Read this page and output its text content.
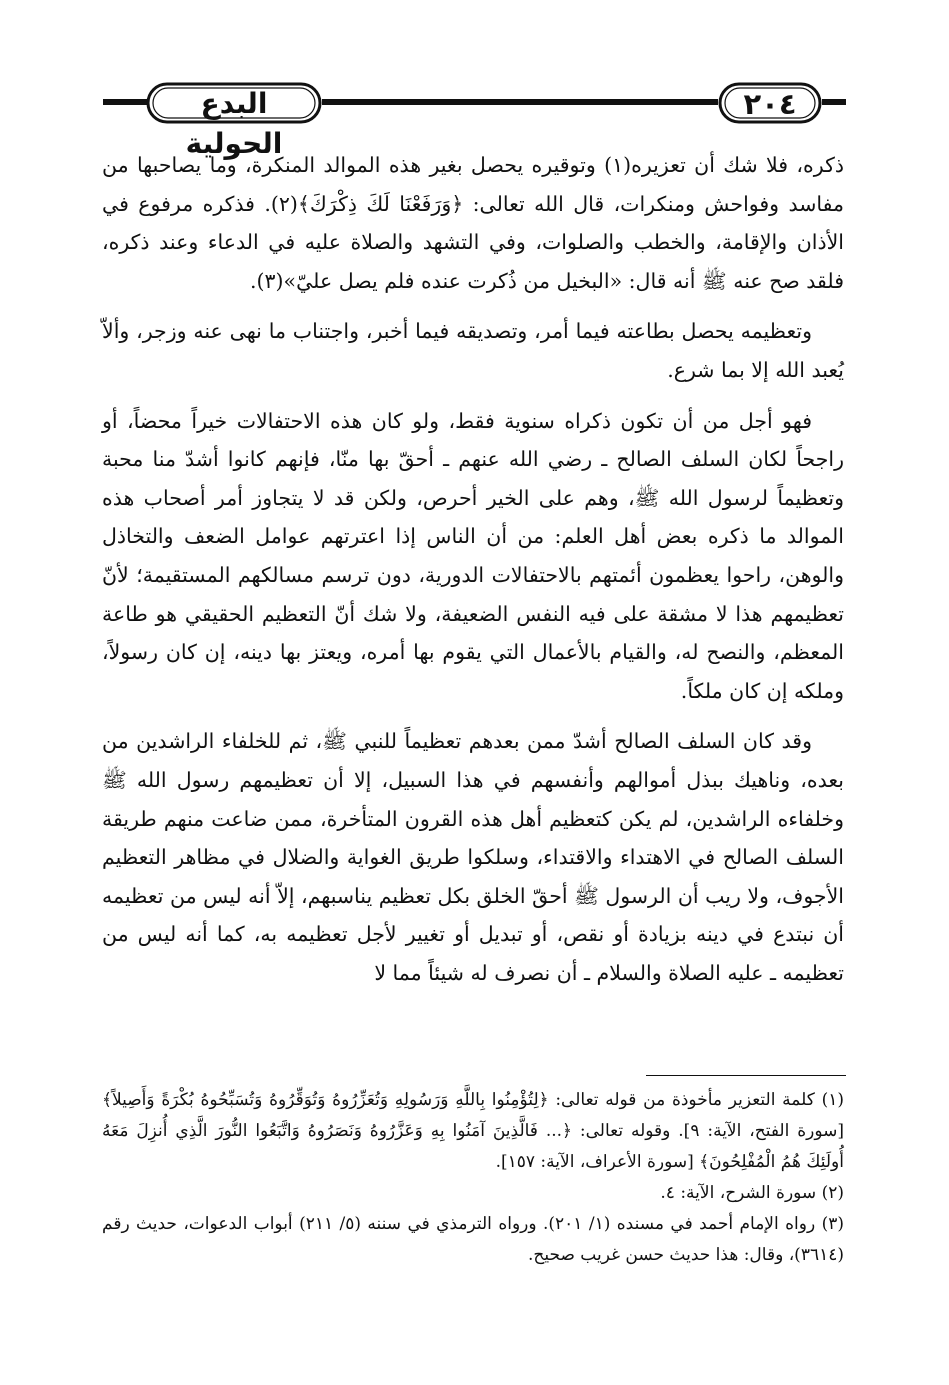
البدع الحولية
٢٠٤

ذكره، فلا شك أن تعزيره(١) وتوقيره يحصل بغير هذه الموالد المنكرة، وما يصاحبها من مفاسد وفواحش ومنكرات، قال الله تعالى: ﴿وَرَفَعْنَا لَكَ ذِكْرَكَ﴾(٢). فذكره مرفوع في الأذان والإقامة، والخطب والصلوات، وفي التشهد والصلاة عليه في الدعاء وعند ذكره، فلقد صح عنه ﷺ أنه قال: «البخيل من ذُكرت عنده فلم يصل عليّ»(٣).

وتعظيمه يحصل بطاعته فيما أمر، وتصديقه فيما أخبر، واجتناب ما نهى عنه وزجر، وألاّ يُعبد الله إلا بما شرع.

فهو أجل من أن تكون ذكراه سنوية فقط، ولو كان هذه الاحتفالات خيراً محضاً، أو راجحاً لكان السلف الصالح ـ رضي الله عنهم ـ أحقّ بها منّا، فإنهم كانوا أشدّ منا محبة وتعظيماً لرسول الله ﷺ، وهم على الخير أحرص، ولكن قد لا يتجاوز أمر أصحاب هذه الموالد ما ذكره بعض أهل العلم: من أن الناس إذا اعترتهم عوامل الضعف والتخاذل والوهن، راحوا يعظمون أئمتهم بالاحتفالات الدورية، دون ترسم مسالكهم المستقيمة؛ لأنّ تعظيمهم هذا لا مشقة على فيه النفس الضعيفة، ولا شك أنّ التعظيم الحقيقي هو طاعة المعظم، والنصح له، والقيام بالأعمال التي يقوم بها أمره، ويعتز بها دينه، إن كان رسولاً، وملكه إن كان ملكاً.

وقد كان السلف الصالح أشدّ ممن بعدهم تعظيماً للنبي ﷺ، ثم للخلفاء الراشدين من بعده، وناهيك ببذل أموالهم وأنفسهم في هذا السبيل، إلا أن تعظيمهم رسول الله ﷺ وخلفاءه الراشدين، لم يكن كتعظيم أهل هذه القرون المتأخرة، ممن ضاعت منهم طريقة السلف الصالح في الاهتداء والاقتداء، وسلكوا طريق الغواية والضلال في مظاهر التعظيم الأجوف، ولا ريب أن الرسول ﷺ أحقّ الخلق بكل تعظيم يناسبهم، إلاّ أنه ليس من تعظيمه أن نبتدع في دينه بزيادة أو نقص، أو تبديل أو تغيير لأجل تعظيمه به، كما أنه ليس من تعظيمه ـ عليه الصلاة والسلام ـ أن نصرف له شيئاً مما لا

(١) كلمة التعزير مأخوذة من قوله تعالى: ﴿لِتُؤْمِنُوا بِاللَّهِ وَرَسُولِهِ وَتُعَزِّرُوهُ وَتُوَقِّرُوهُ وَتُسَبِّحُوهُ بُكْرَةً وَأَصِيلاً﴾ [سورة الفتح، الآية: ٩]. وقوله تعالى: ﴿... فَالَّذِينَ آمَنُوا بِهِ وَعَزَّرُوهُ وَنَصَرُوهُ وَاتَّبَعُوا النُّورَ الَّذِي أُنزِلَ مَعَهُ أُولَئِكَ هُمُ الْمُفْلِحُونَ﴾ [سورة الأعراف، الآية: ١٥٧].

(٢) سورة الشرح، الآية: ٤.

(٣) رواه الإمام أحمد في مسنده (١/ ٢٠١). ورواه الترمذي في سننه (٥/ ٢١١) أبواب الدعوات، حديث رقم (٣٦١٤)، وقال: هذا حديث حسن غريب صحيح.
